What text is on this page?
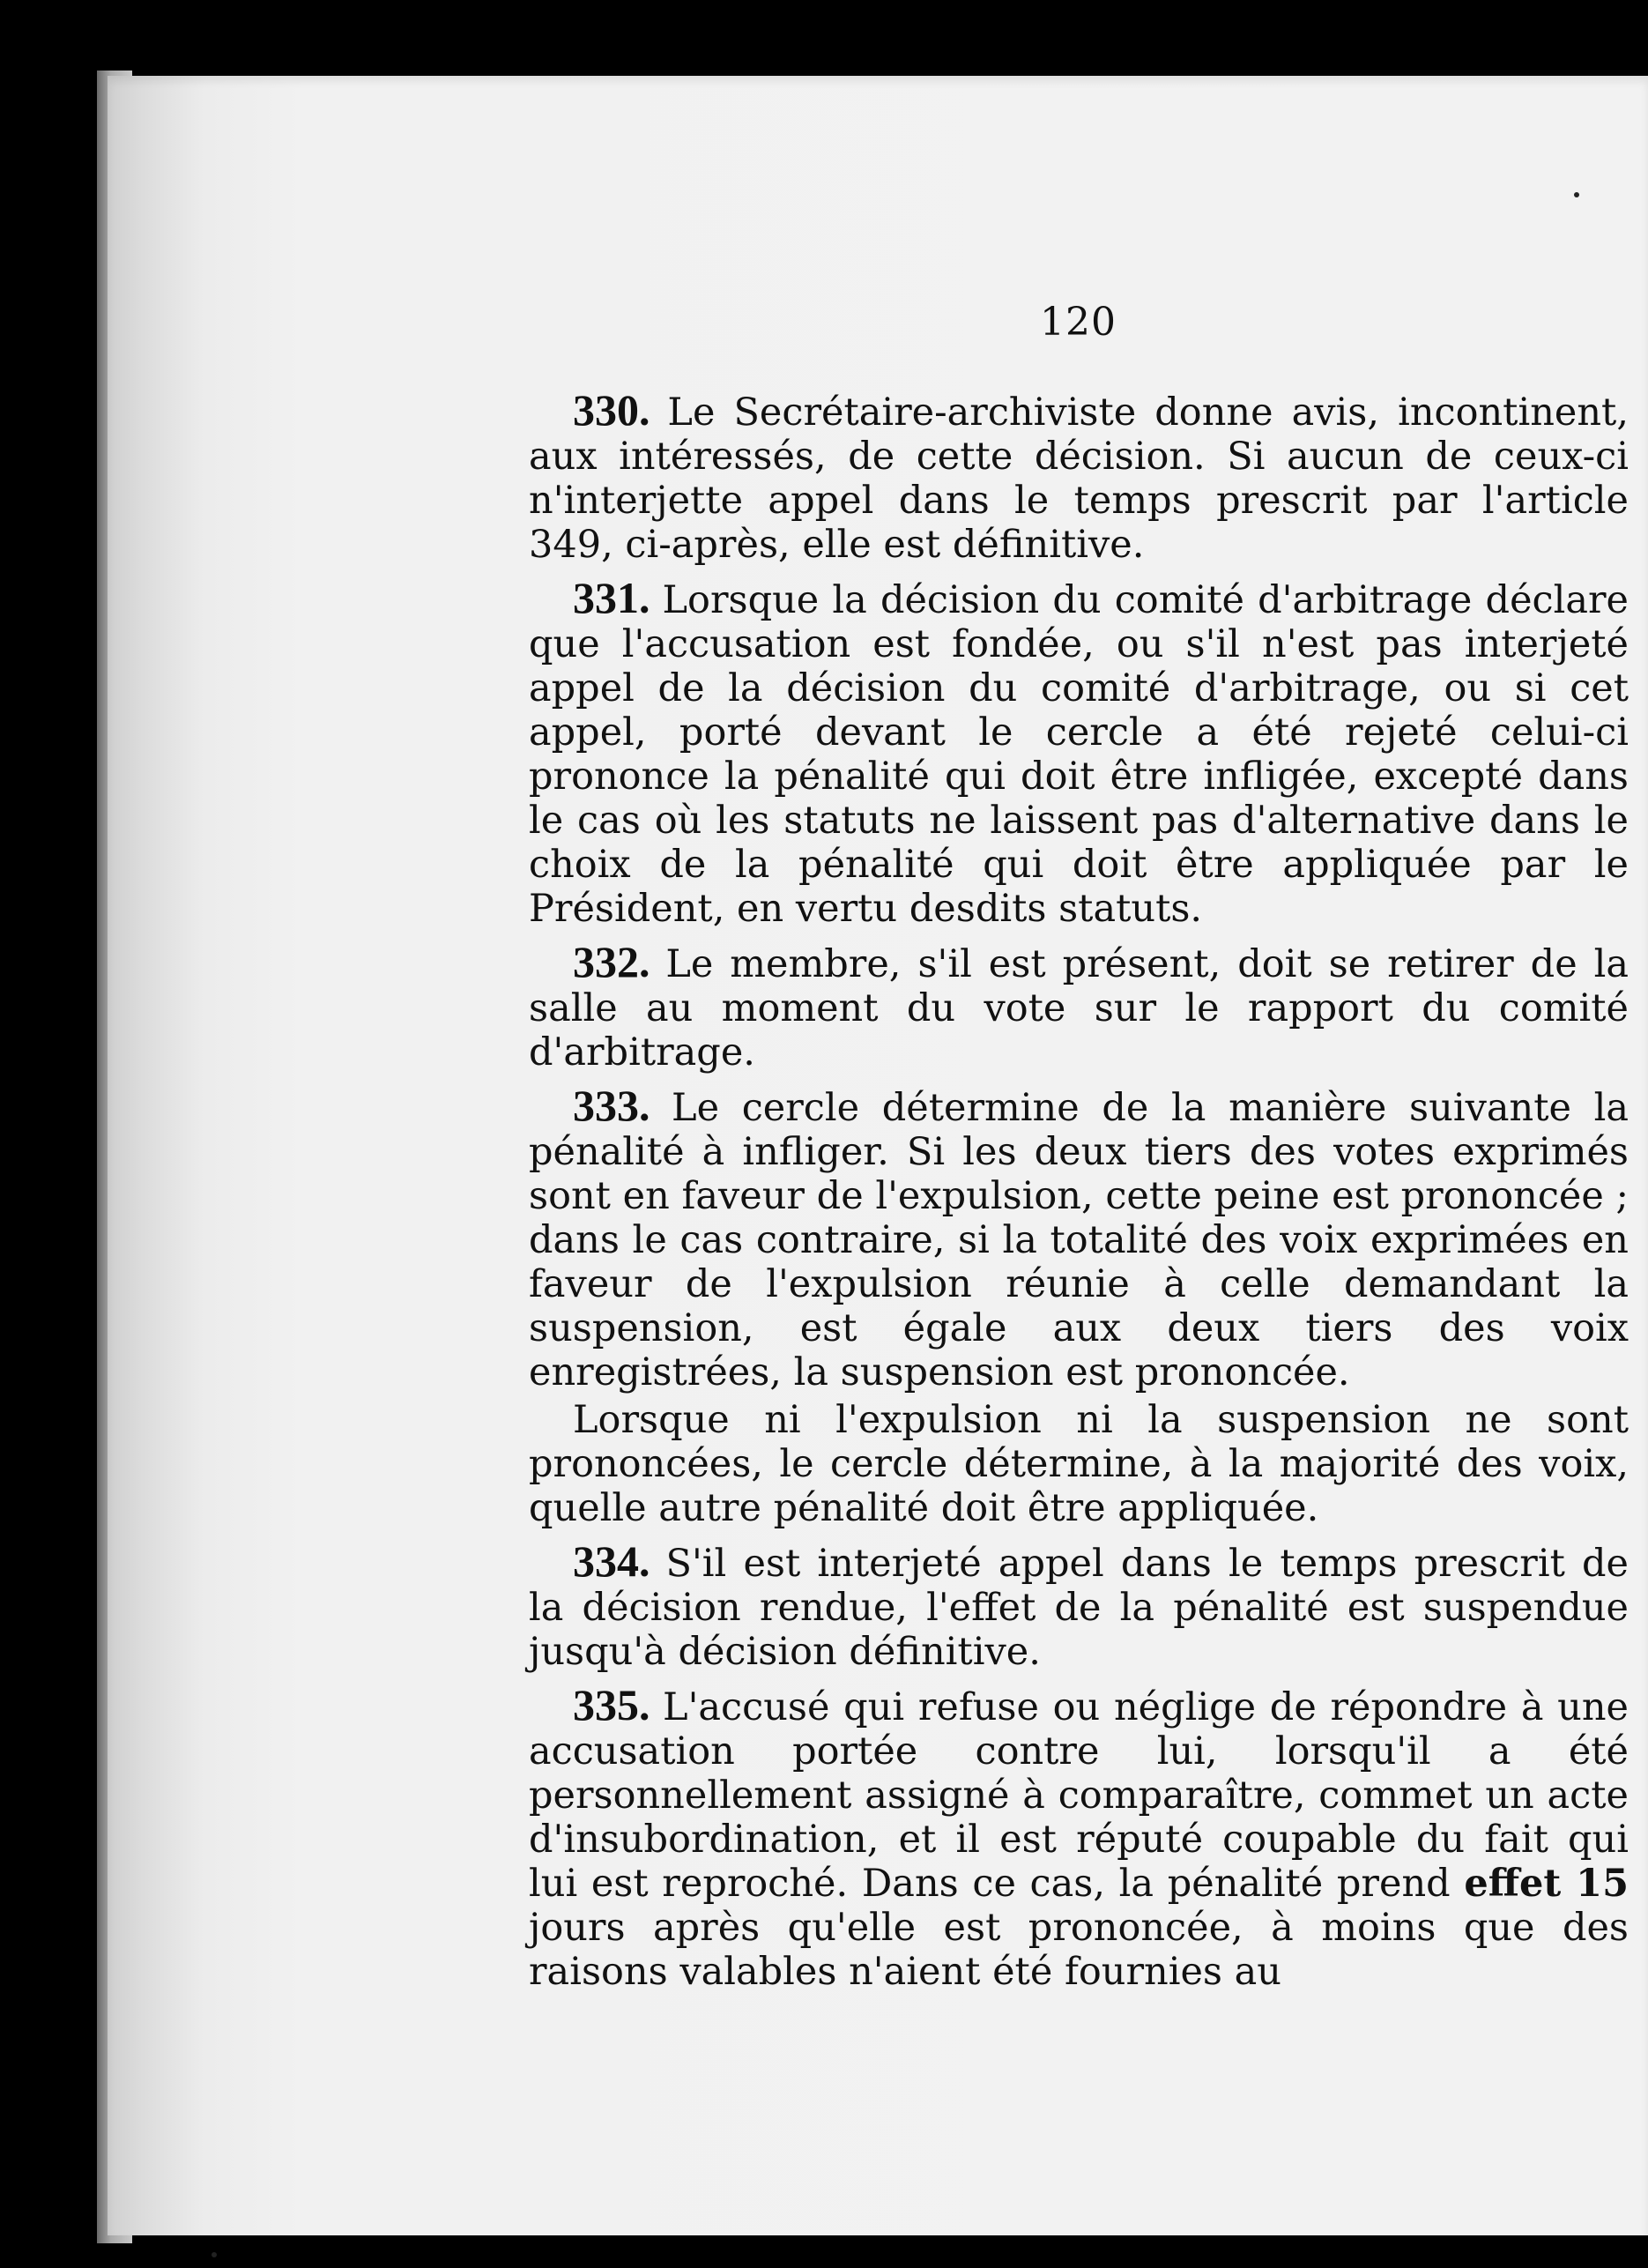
120

330. Le Secrétaire-archiviste donne avis, incontinent, aux intéressés, de cette décision. Si aucun de ceux-ci n'interjette appel dans le temps prescrit par l'article 349, ci-après, elle est définitive.

331. Lorsque la décision du comité d'arbitrage déclare que l'accusation est fondée, ou s'il n'est pas interjeté appel de la décision du comité d'arbitrage, ou si cet appel, porté devant le cercle a été rejeté celui-ci prononce la pénalité qui doit être infligée, excepté dans le cas où les statuts ne laissent pas d'alternative dans le choix de la pénalité qui doit être appliquée par le Président, en vertu desdits statuts.

332. Le membre, s'il est présent, doit se retirer de la salle au moment du vote sur le rapport du comité d'arbitrage.

333. Le cercle détermine de la manière suivante la pénalité à infliger. Si les deux tiers des votes exprimés sont en faveur de l'expulsion, cette peine est prononcée ; dans le cas contraire, si la totalité des voix exprimées en faveur de l'expulsion réunie à celle demandant la suspension, est égale aux deux tiers des voix enregistrées, la suspension est prononcée.

Lorsque ni l'expulsion ni la suspension ne sont prononcées, le cercle détermine, à la majorité des voix, quelle autre pénalité doit être appliquée.

334. S'il est interjeté appel dans le temps prescrit de la décision rendue, l'effet de la pénalité est suspendue jusqu'à décision définitive.

335. L'accusé qui refuse ou néglige de répondre à une accusation portée contre lui, lorsqu'il a été personnellement assigné à comparaître, commet un acte d'insubordination, et il est réputé coupable du fait qui lui est reproché. Dans ce cas, la pénalité prend effet 15 jours après qu'elle est prononcée, à moins que des raisons valables n'aient été fournies au
